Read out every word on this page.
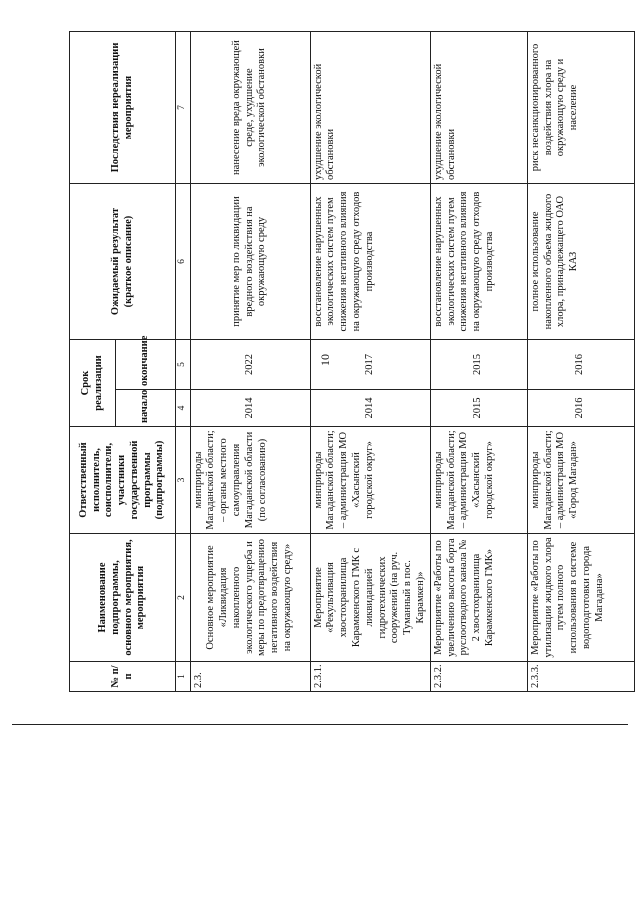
10
№ п/п	Наименование подпрограммы, основного мероприятия, мероприятия	Ответственный исполнитель, соисполнители, участники государственной программы (подпрограммы)	Срок реализации		Ожидаемый результат (краткое описание)	Последствия нереализации мероприятия
			начало	окончание		
1	2	3	4	5	6	7
2.3.	Основное мероприятие «Ликвидация накопленного экологического ущерба и меры по предотвращению негативного воздействия на окружающую среду»	минприроды Магаданской области; – органы местного самоуправления Магаданской области (по согласованию)	2014	2022	принятие мер по ликвидации вредного воздействия на окружающую среду	нанесение вреда окружающей среде, ухудшение экологической обстановки
2.3.1.	Мероприятие «Рекультивация хвостохранилища Карамкенского ГМК с ликвидацией гидротехнических сооружений (на руч. Туманный в пос. Карамкен)»	минприроды Магаданской области; – администрация МО «Хасынский городской округ»	2014	2017	восстановление нарушенных экологических систем путем снижения негативного влияния на окружающую среду отходов производства	ухудшение экологической обстановки
2.3.2.	Мероприятие «Работы по увеличению высоты борта руслоотводного канала № 2 хвостохранилища Карамкенского ГМК»	минприроды Магаданской области; – администрация МО «Хасынский городской округ»	2015	2015	восстановление нарушенных экологических систем путем снижения негативного влияния на окружающую среду отходов производства	ухудшение экологической обстановки
2.3.3.	Мероприятие «Работы по утилизации жидкого хлора путем полного использования в системе водоподготовки города Магадана»	минприроды Магаданской области; – администрация МО «Город Магадан»	2016	2016	полное использование накопленного объема жидкого хлора, принадлежащего ОАО КАЗ	риск несанкционированного воздействия хлора на окружающую среду и население
